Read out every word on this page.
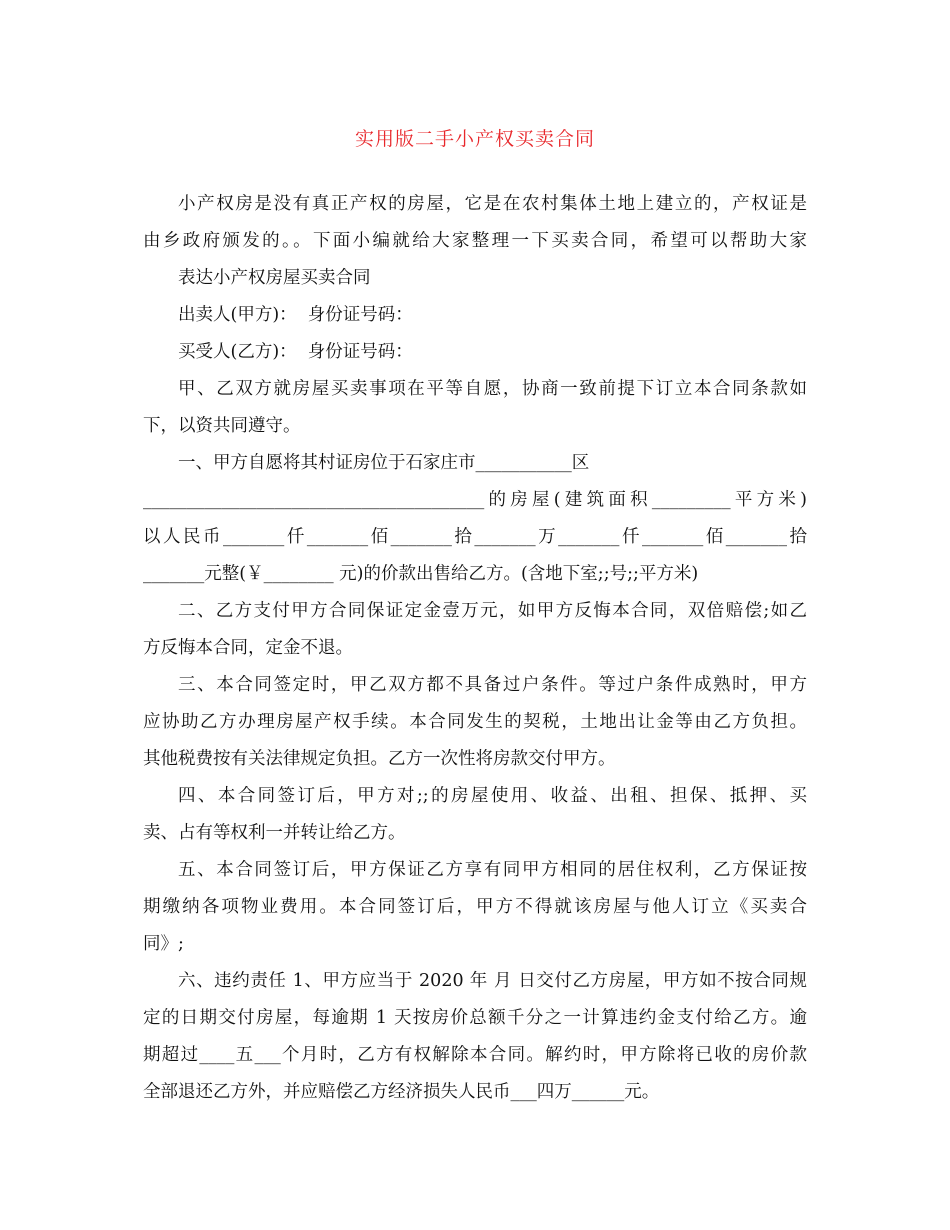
实用版二手小产权买卖合同
小产权房是没有真正产权的房屋，它是在农村集体土地上建立的，产权证是
由乡政府颁发的。。下面小编就给大家整理一下买卖合同，希望可以帮助大家
表达小产权房屋买卖合同
出卖人(甲方)：  身份证号码：
买受人(乙方)：  身份证号码：
甲、乙双方就房屋买卖事项在平等自愿，协商一致前提下订立本合同条款如
下，以资共同遵守。
一、甲方自愿将其村证房位于石家庄市___________区
_______________________________________的房屋(建筑面积_________平方米)
以人民币_______仟_______佰_______拾_______万_______仟_______佰_______拾
_______元整(￥________ 元)的价款出售给乙方。(含地下室;;号;;平方米)
二、乙方支付甲方合同保证定金壹万元，如甲方反悔本合同，双倍赔偿;如乙
方反悔本合同，定金不退。
三、本合同签定时，甲乙双方都不具备过户条件。等过户条件成熟时，甲方
应协助乙方办理房屋产权手续。本合同发生的契税，土地出让金等由乙方负担。
其他税费按有关法律规定负担。乙方一次性将房款交付甲方。
四、本合同签订后，甲方对;;的房屋使用、收益、出租、担保、抵押、买
卖、占有等权利一并转让给乙方。
五、本合同签订后，甲方保证乙方享有同甲方相同的居住权利，乙方保证按
期缴纳各项物业费用。本合同签订后，甲方不得就该房屋与他人订立《买卖合
同》;
六、违约责任 1、甲方应当于 2020 年 月 日交付乙方房屋，甲方如不按合同规
定的日期交付房屋，每逾期 1 天按房价总额千分之一计算违约金支付给乙方。逾
期超过____五___个月时，乙方有权解除本合同。解约时，甲方除将已收的房价款
全部退还乙方外，并应赔偿乙方经济损失人民币___四万______元。
